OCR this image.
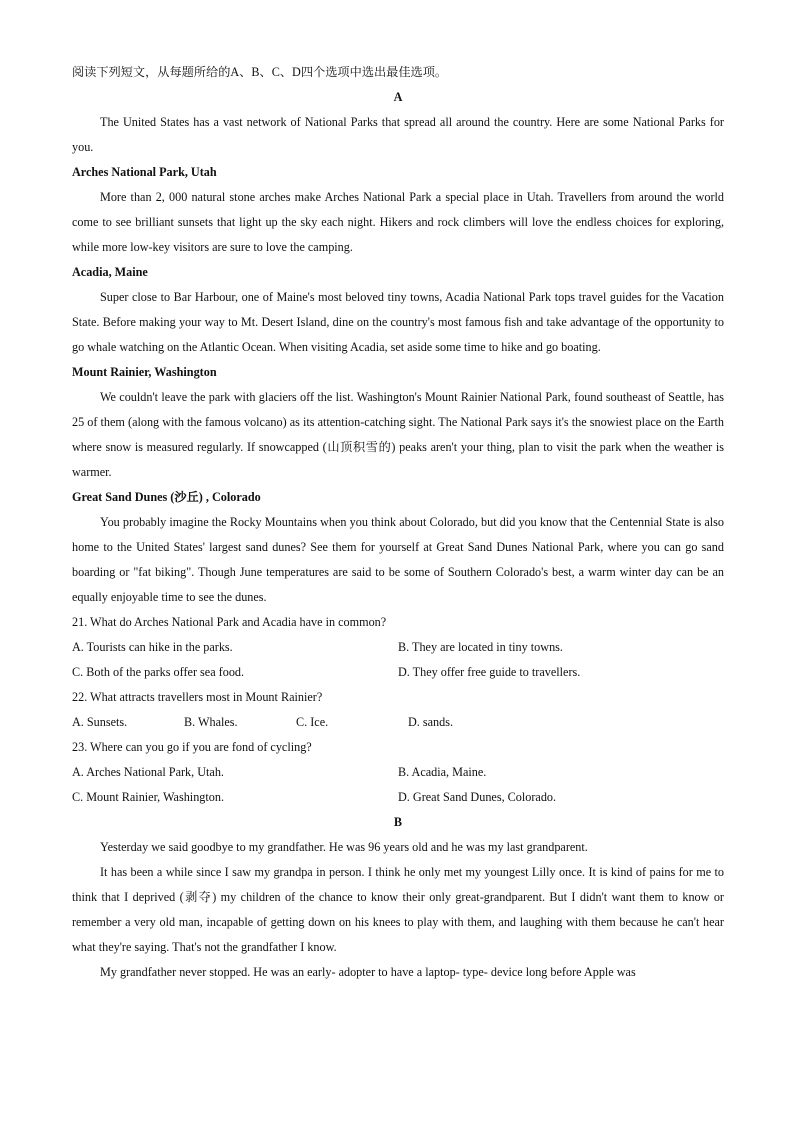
阅读下列短文，从每题所给的A、B、C、D四个选项中选出最佳选项。
A

The United States has a vast network of National Parks that spread all around the country. Here are some National Parks for you.

Arches National Park, Utah

More than 2, 000 natural stone arches make Arches National Park a special place in Utah. Travellers from around the world come to see brilliant sunsets that light up the sky each night. Hikers and rock climbers will love the endless choices for exploring, while more low-key visitors are sure to love the camping.

Acadia, Maine

Super close to Bar Harbour, one of Maine's most beloved tiny towns, Acadia National Park tops travel guides for the Vacation State. Before making your way to Mt. Desert Island, dine on the country's most famous fish and take advantage of the opportunity to go whale watching on the Atlantic Ocean. When visiting Acadia, set aside some time to hike and go boating.

Mount Rainier, Washington

We couldn't leave the park with glaciers off the list. Washington's Mount Rainier National Park, found southeast of Seattle, has 25 of them (along with the famous volcano) as its attention-catching sight. The National Park says it's the snowiest place on the Earth where snow is measured regularly. If snowcapped (山顶积雪的) peaks aren't your thing, plan to visit the park when the weather is warmer.

Great Sand Dunes (沙丘) , Colorado

You probably imagine the Rocky Mountains when you think about Colorado, but did you know that the Centennial State is also home to the United States' largest sand dunes? See them for yourself at Great Sand Dunes National Park, where you can go sand boarding or "fat biking". Though June temperatures are said to be some of Southern Colorado's best, a warm winter day can be an equally enjoyable time to see the dunes.

21. What do Arches National Park and Acadia have in common?
A. Tourists can hike in the parks.	B. They are located in tiny towns.
C. Both of the parks offer sea food.	D. They offer free guide to travellers.
22. What attracts travellers most in Mount Rainier?
A. Sunsets.	B. Whales.	C. Ice.	D. sands.
23. Where can you go if you are fond of cycling?
A. Arches National Park, Utah.	B. Acadia, Maine.
C. Mount Rainier, Washington.	D. Great Sand Dunes, Colorado.
B

Yesterday we said goodbye to my grandfather. He was 96 years old and he was my last grandparent.

It has been a while since I saw my grandpa in person. I think he only met my youngest Lilly once. It is kind of pains for me to think that I deprived (剥夺) my children of the chance to know their only great-grandparent. But I didn't want them to know or remember a very old man, incapable of getting down on his knees to play with them, and laughing with them because he can't hear what they're saying. That's not the grandfather I know.

My grandfather never stopped. He was an early- adopter to have a laptop- type- device long before Apple was
